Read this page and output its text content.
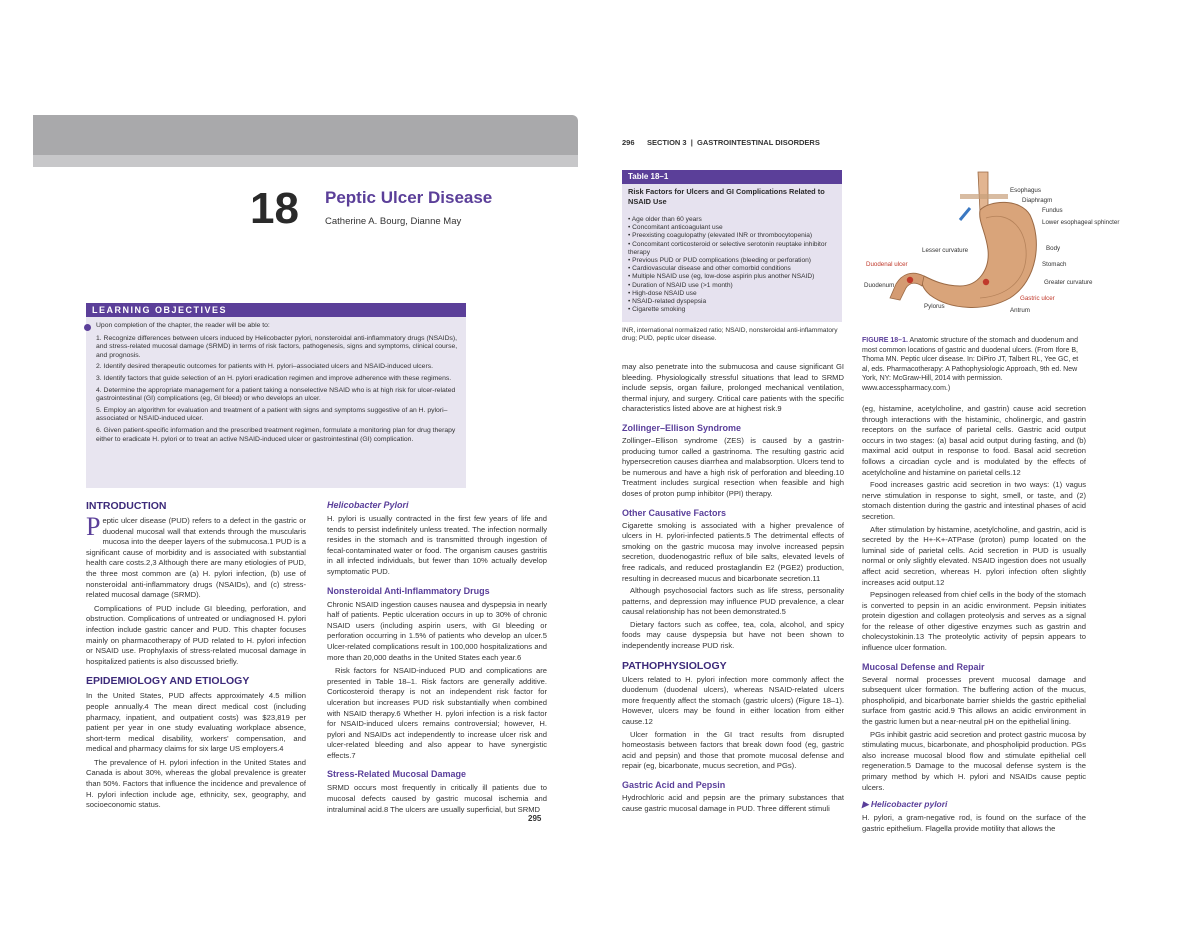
18 Peptic Ulcer Disease
Catherine A. Bourg, Dianne May
LEARNING OBJECTIVES
Upon completion of the chapter, the reader will be able to:
1. Recognize differences between ulcers induced by Helicobacter pylori, nonsteroidal anti-inflammatory drugs (NSAIDs), and stress-related mucosal damage (SRMD) in terms of risk factors, pathogenesis, signs and symptoms, clinical course, and prognosis.
2. Identify desired therapeutic outcomes for patients with H. pylori–associated ulcers and NSAID-induced ulcers.
3. Identify factors that guide selection of an H. pylori eradication regimen and improve adherence with these regimens.
4. Determine the appropriate management for a patient taking a nonselective NSAID who is at high risk for ulcer-related gastrointestinal (GI) complications (eg, GI bleed) or who develops an ulcer.
5. Employ an algorithm for evaluation and treatment of a patient with signs and symptoms suggestive of an H. pylori–associated or NSAID-induced ulcer.
6. Given patient-specific information and the prescribed treatment regimen, formulate a monitoring plan for drug therapy either to eradicate H. pylori or to treat an active NSAID-induced ulcer or gastrointestinal (GI) complication.
INTRODUCTION

Peptic ulcer disease (PUD) refers to a defect in the gastric or duodenal mucosal wall that extends through the muscularis mucosa into the deeper layers of the submucosa.1 PUD is a significant cause of morbidity and is associated with substantial health care costs.2,3 Although there are many etiologies of PUD, the three most common are (a) H. pylori infection, (b) use of nonsteroidal anti-inflammatory drugs (NSAIDs), and (c) stress-related mucosal damage (SRMD).

Complications of PUD include GI bleeding, perforation, and obstruction. Complications of untreated or undiagnosed H. pylori infection include gastric cancer and PUD. This chapter focuses mainly on pharmacotherapy of PUD related to H. pylori infection or NSAID use. Prophylaxis of stress-related mucosal damage in hospitalized patients is also discussed briefly.

EPIDEMIOLOGY AND ETIOLOGY

In the United States, PUD affects approximately 4.5 million people annually.4 The mean direct medical cost (including pharmacy, inpatient, and outpatient costs) was $23,819 per patient per year in one study evaluating workplace absence, short-term medical disability, workers' compensation, and medical and pharmacy claims for six large US employers.4

The prevalence of H. pylori infection in the United States and Canada is about 30%, whereas the global prevalence is greater than 50%. Factors that influence the incidence and prevalence of H. pylori infection include age, ethnicity, sex, geography, and socioeconomic status.

Helicobacter Pylori

H. pylori is usually contracted in the first few years of life and tends to persist indefinitely unless treated. The infection normally resides in the stomach and is transmitted through ingestion of fecal-contaminated water or food. The organism causes gastritis in all infected individuals, but fewer than 10% actually develop symptomatic PUD.

Nonsteroidal Anti-Inflammatory Drugs

Chronic NSAID ingestion causes nausea and dyspepsia in nearly half of patients. Peptic ulceration occurs in up to 30% of chronic NSAID users (including aspirin users, with GI bleeding or perforation occurring in 1.5% of patients who develop an ulcer.5 Ulcer-related complications result in 100,000 hospitalizations and more than 20,000 deaths in the United States each year.6

Risk factors for NSAID-induced PUD and complications are presented in Table 18–1. Risk factors are generally additive. Corticosteroid therapy is not an independent risk factor for ulceration but increases PUD risk substantially when combined with NSAID therapy.6 Whether H. pylori infection is a risk factor for NSAID-induced ulcers remains controversial; however, H. pylori and NSAIDs act independently to increase ulcer risk and ulcer-related bleeding and also appear to have synergistic effects.7

Stress-Related Mucosal Damage

SRMD occurs most frequently in critically ill patients due to mucosal defects caused by gastric mucosal ischemia and intraluminal acid.8 The ulcers are usually superficial, but SRMD

295
296      SECTION 3  |  GASTROINTESTINAL DISORDERS
Table 18–1
Risk Factors for Ulcers and GI Complications Related to NSAID Use
• Age older than 60 years
• Concomitant anticoagulant use
• Preexisting coagulopathy (elevated INR or thrombocytopenia)
• Concomitant corticosteroid or selective serotonin reuptake inhibitor therapy
• Previous PUD or PUD complications (bleeding or perforation)
• Cardiovascular disease and other comorbid conditions
• Multiple NSAID use (eg, low-dose aspirin plus another NSAID)
• Duration of NSAID use (>1 month)
• High-dose NSAID use
• NSAID-related dyspepsia
• Cigarette smoking
INR, international normalized ratio; NSAID, nonsteroidal anti-inflammatory drug; PUD, peptic ulcer disease.

may also penetrate into the submucosa and cause significant GI bleeding. Physiologically stressful situations that lead to SRMD include sepsis, organ failure, prolonged mechanical ventilation, thermal injury, and surgery. Critical care patients with the specific characteristics listed above are at highest risk.9

Zollinger–Ellison Syndrome

Zollinger–Ellison syndrome (ZES) is caused by a gastrin-producing tumor called a gastrinoma. The resulting gastric acid hypersecretion causes diarrhea and malabsorption. Ulcers tend to be numerous and have a high risk of perforation and bleeding.10 Treatment includes surgical resection when feasible and high doses of proton pump inhibitor (PPI) therapy.

Other Causative Factors

Cigarette smoking is associated with a higher prevalence of ulcers in H. pylori-infected patients.5 The detrimental effects of smoking on the gastric mucosa may involve increased pepsin secretion, duodenogastric reflux of bile salts, elevated levels of free radicals, and reduced prostaglandin E2 (PGE2) production, resulting in decreased mucus and bicarbonate secretion.11

Although psychosocial factors such as life stress, personality patterns, and depression may influence PUD prevalence, a clear causal relationship has not been demonstrated.5

Dietary factors such as coffee, tea, cola, alcohol, and spicy foods may cause dyspepsia but have not been shown to independently increase PUD risk.

PATHOPHYSIOLOGY

Ulcers related to H. pylori infection more commonly affect the duodenum (duodenal ulcers), whereas NSAID-related ulcers more frequently affect the stomach (gastric ulcers) (Figure 18–1). However, ulcers may be found in either location from either cause.12

Ulcer formation in the GI tract results from disrupted homeostasis between factors that break down food (eg, gastric acid and pepsin) and those that promote mucosal defense and repair (eg, bicarbonate, mucus secretion, and PGs).

Gastric Acid and Pepsin

Hydrochloric acid and pepsin are the primary substances that cause gastric mucosal damage in PUD. Three different stimuli

Esophagus
Diaphragm
Fundus
Lower esophageal sphincter
Lesser curvature
Duodenal ulcer
Body
Stomach
Duodenum	Greater curvature
Gastric ulcer
Pylorus
Antrum
FIGURE 18–1. Anatomic structure of the stomach and duodenum and most common locations of gastric and duodenal ulcers. (From Ifore B, Thoma MN. Peptic ulcer disease. In: DiPiro JT, Talbert RL, Yee GC, et al, eds. Pharmacotherapy: A Pathophysiologic Approach, 9th ed. New York, NY: McGraw-Hill, 2014 with permission. www.accesspharmacy.com.)

(eg, histamine, acetylcholine, and gastrin) cause acid secretion through interactions with the histaminic, cholinergic, and gastrin receptors on the surface of parietal cells. Gastric acid output occurs in two stages: (a) basal acid output during fasting, and (b) maximal acid output in response to food. Basal acid secretion follows a circadian cycle and is modulated by the effects of acetylcholine and histamine on parietal cells.12

Food increases gastric acid secretion in two ways: (1) vagus nerve stimulation in response to sight, smell, or taste, and (2) stomach distention during the gastric and intestinal phases of acid secretion.

After stimulation by histamine, acetylcholine, and gastrin, acid is secreted by the H+-K+-ATPase (proton) pump located on the luminal side of parietal cells. Acid secretion in PUD is usually normal or only slightly elevated. NSAID ingestion does not usually affect acid secretion, whereas H. pylori infection often slightly increases acid output.12

Pepsinogen released from chief cells in the body of the stomach is converted to pepsin in an acidic environment. Pepsin initiates protein digestion and collagen proteolysis and serves as a signal for the release of other digestive enzymes such as gastrin and cholecystokinin.13 The proteolytic activity of pepsin appears to influence ulcer formation.

Mucosal Defense and Repair

Several normal processes prevent mucosal damage and subsequent ulcer formation. The buffering action of the mucus, phospholipid, and bicarbonate barrier shields the gastric epithelial surface from gastric acid.9 This allows an acidic environment in the gastric lumen but a near-neutral pH on the epithelial lining.

PGs inhibit gastric acid secretion and protect gastric mucosa by stimulating mucus, bicarbonate, and phospholipid production. PGs also increase mucosal blood flow and stimulate epithelial cell regeneration.5 Damage to the mucosal defense system is the primary method by which H. pylori and NSAIDs cause peptic ulcers.

▶ Helicobacter pylori

H. pylori, a gram-negative rod, is found on the surface of the gastric epithelium. Flagella provide motility that allows the
